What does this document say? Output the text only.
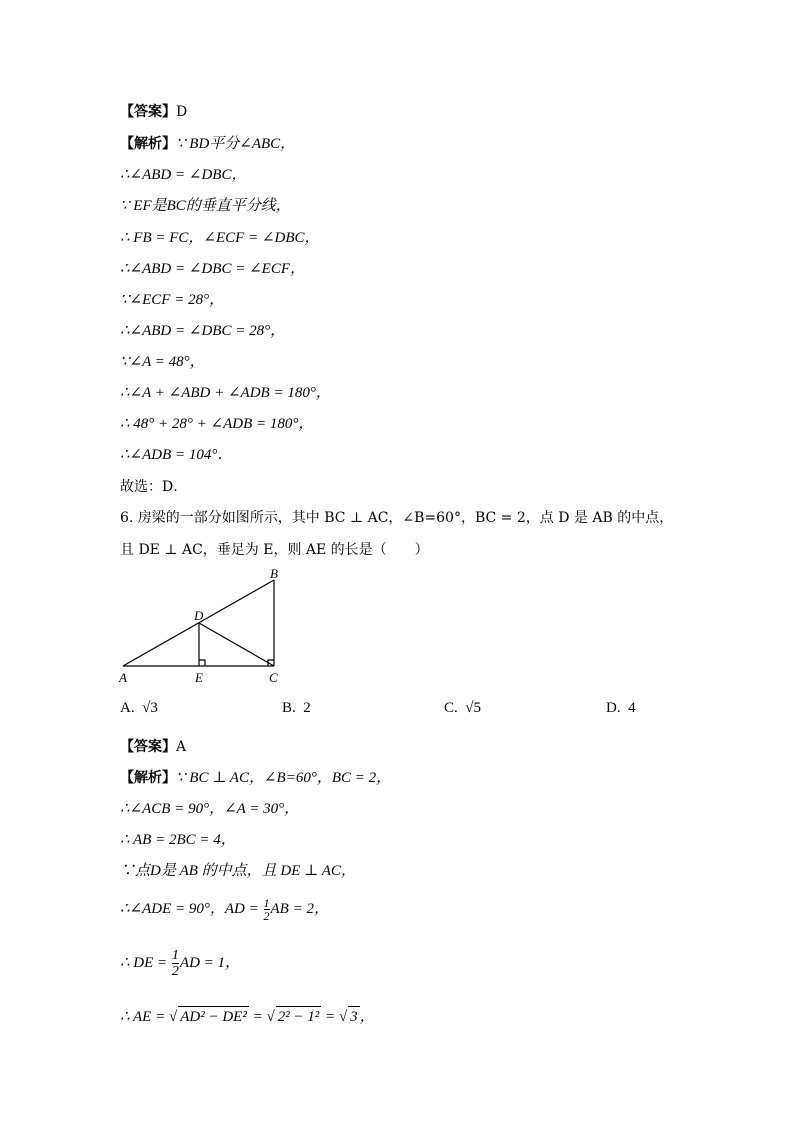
【答案】D
【解析】∵ BD平分∠ABC，
∴∠ABD = ∠DBC，
∵ EF是BC的垂直平分线，
∴ FB = FC，∠ECF = ∠DBC，
∴∠ABD = ∠DBC = ∠ECF，
∵∠ECF = 28°，
∴∠ABD = ∠DBC = 28°，
∵∠A = 48°，
∴∠A + ∠ABD + ∠ADB = 180°，
∴ 48° + 28° + ∠ADB = 180°，
∴∠ADB = 104°．
故选：D．
6. 房梁的一部分如图所示，其中 BC ⊥ AC，∠B=60°，BC = 2，点 D 是 AB 的中点，
且 DE ⊥ AC，垂足为 E，则 AE 的长是（　　）
B
D
A	E	C
A. √3	B. 2	C. √5	D. 4
【答案】A
【解析】∵ BC ⊥ AC，∠B=60°，BC = 2，
∴∠ACB = 90°，∠A = 30°，
∴ AB = 2BC = 4，
∵点D是 AB 的中点，且 DE ⊥ AC，
∴∠ADE = 90°，AD = $\frac{1}{2}$ AB = 2，
∴ DE = $\frac{1}{2}$ AD = 1，
∴ AE = √ AD² − DE² = √ 2² − 1² = √ 3 ，
